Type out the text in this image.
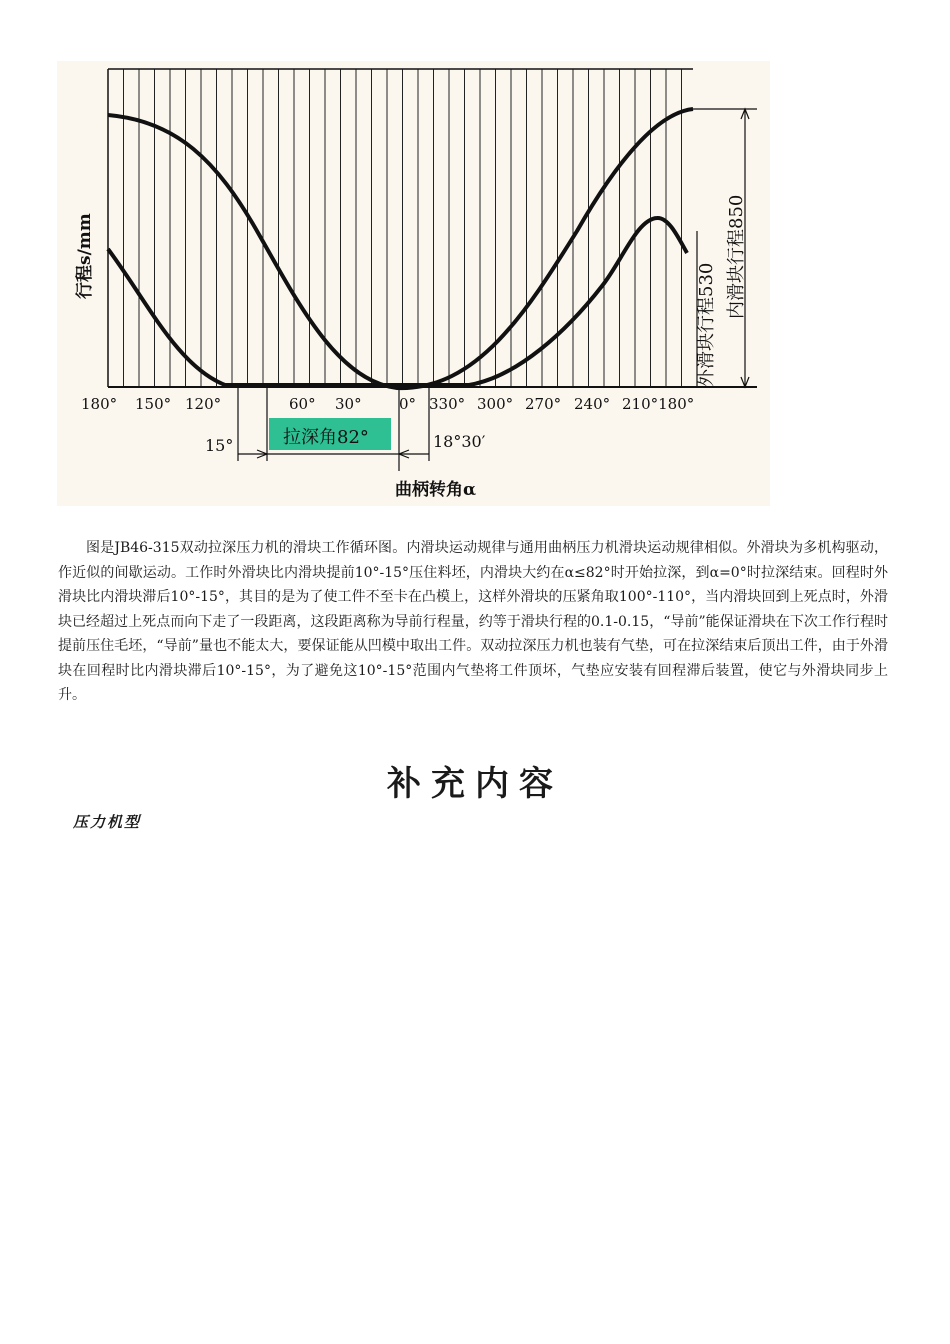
180° 150° 120°	60° 30° 0° 330° 300° 270° 240° 210°180°
15°	拉深角82°	18°30′
曲柄转角α
行程s/mm
外滑块行程530
内滑块行程850

图是JB46-315双动拉深压力机的滑块工作循环图。内滑块运动规律与通用曲柄压力机滑块运动规律相似。外滑块为多机构驱动，作近似的间歇运动。工作时外滑块比内滑块提前10°-15°压住料坯，内滑块大约在α≤82°时开始拉深，到α=0°时拉深结束。回程时外滑块比内滑块滞后10°-15°，其目的是为了使工件不至卡在凸模上，这样外滑块的压紧角取100°-110°，当内滑块回到上死点时，外滑块已经超过上死点而向下走了一段距离，这段距离称为导前行程量，约等于滑块行程的0.1-0.15，“导前”能保证滑块在下次工作行程时提前压住毛坯，“导前”量也不能太大，要保证能从凹模中取出工件。双动拉深压力机也装有气垫，可在拉深结束后顶出工件，由于外滑块在回程时比内滑块滞后10°-15°，为了避免这10°-15°范围内气垫将工件顶坏，气垫应安装有回程滞后装置，使它与外滑块同步上升。

补充内容
压力机型
